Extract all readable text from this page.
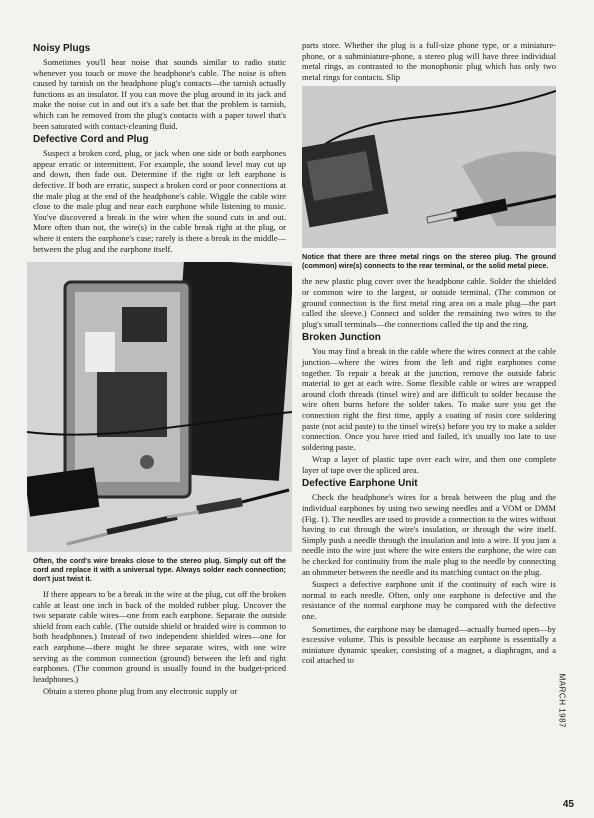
Noisy Plugs

Sometimes you'll hear noise that sounds similar to radio static whenever you touch or move the headphone's cable. The noise is often caused by tarnish on the headphone plug's contacts—the tarnish actually functions as an insulator. If you can move the plug around in its jack and make the noise cut in and out it's a safe bet that the problem is tarnish, which can be removed from the plug's contacts with a paper towel that's been saturated with contact-cleaning fluid.

Defective Cord and Plug

Suspect a broken cord, plug, or jack when one side or both earphones appear erratic or intermittent. For example, the sound level may cut up and down, then fade out. Determine if the right or left earphone is defective. If both are erratic, suspect a broken cord or poor connections at the male plug at the end of the headphone's cable. Wiggle the cable wire close to the male plug and near each earphone while listening to music. You've discovered a break in the wire when the sound cuts in and out. More often than not, the wire(s) in the cable break right at the plug, or where it enters the earphone's case; rarely is there a break in the middle—between the plug and the earphone itself.

Often, the cord's wire breaks close to the stereo plug. Simply cut off the cord and replace it with a universal type. Always solder each connection; don't just twist it.

If there appears to be a break in the wire at the plug, cut off the broken cable at least one inch in back of the molded rubber plug. Uncover the two separate cable wires—one from each earphone. Separate the outside shield from each cable. (The outside shield or braided wire is common to both headphones.) Instead of two independent shielded wires—one for each earphone—there might be three separate wires, with one wire serving as the common connection (ground) between the left and right earphones. (The common ground is usually found in the budget-priced headphones.)

Obtain a stereo phone plug from any electronic supply or

parts store. Whether the plug is a full-size phone type, or a miniature-phone, or a subminiature-phone, a stereo plug will have three individual metal rings, as contrasted to the monophonic plug which has only two metal rings for contacts. Slip

Notice that there are three metal rings on the stereo plug. The ground (common) wire(s) connects to the rear terminal, or the solid metal piece.

the new plastic plug cover over the headphone cable. Solder the shielded or common wire to the largest, or outside terminal. (The common or ground connection is the first metal ring area on a male plug—the part called the sleeve.) Connect and solder the remaining two wires to the plug's small terminals—the connections called the tip and the ring.

Broken Junction

You may find a break in the cable where the wires connect at the cable junction—where the wires from the left and right earphones come together. To repair a break at the junction, remove the outside fabric material to get at each wire. Some flexible cable or wires are wrapped around cloth threads (tinsel wire) and are difficult to solder because the wire often burns before the solder takes. To make sure you get the connection right the first time, apply a coating of rosin core soldering paste (not acid paste) to the tinsel wire(s) before you try to make a solder connection. Once you have tried and failed, it's usually too late to use soldering paste.

Wrap a layer of plastic tape over each wire, and then one complete layer of tape over the spliced area.

Defective Earphone Unit

Check the headphone's wires for a break between the plug and the individual earphones by using two sewing needles and a VOM or DMM (Fig. 1). The needles are used to provide a connection to the wires without having to cut through the wire's insulation, or through the wire itself. Simply push a needle through the insulation and into a wire. If you jam a needle into the wire just where the wire enters the earphone, the wire can be checked for continuity from the male plug to the needle by connecting an ohmmeter between the needle and its matching contact on the plug.

Suspect a defective earphone unit if the continuity of each wire is normal to each needle. Often, only one earphone is defective and the resistance of the normal earphone may be compared with the defective one.

Sometimes, the earphone may be damaged—actually burned open—by excessive volume. This is possible because an earphone is essentially a miniature dynamic speaker, consisting of a magnet, a diaphragm, and a coil attached to

MARCH 1987
45
